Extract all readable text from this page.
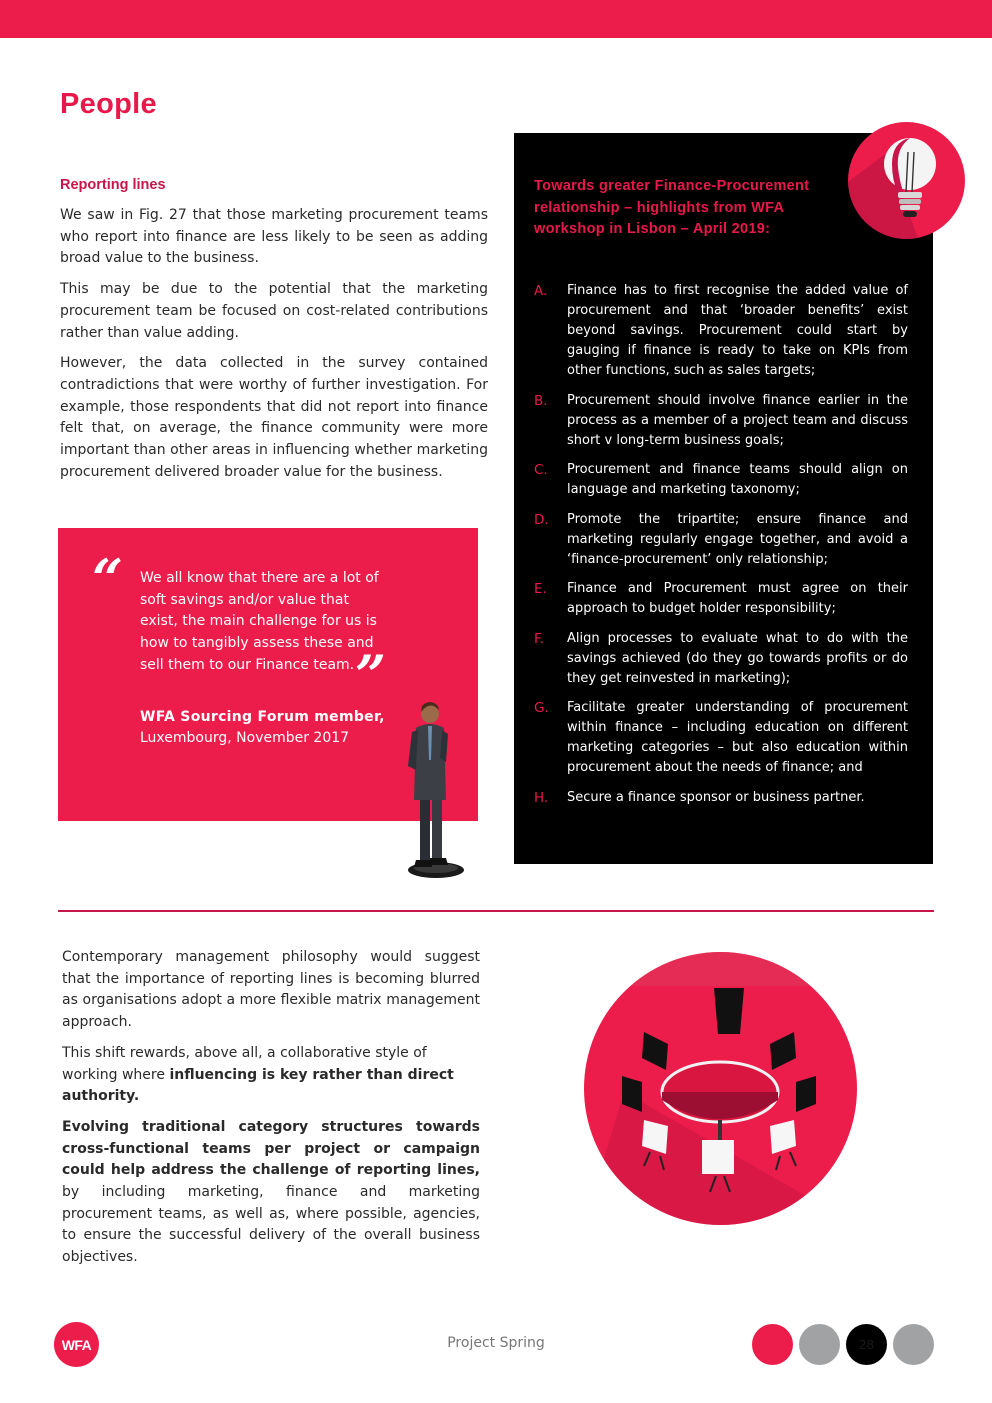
People
Reporting lines

We saw in Fig. 27 that those marketing procurement teams who report into finance are less likely to be seen as adding broad value to the business.

This may be due to the potential that the marketing procurement team be focused on cost-related contributions rather than value adding.

However, the data collected in the survey contained contradictions that were worthy of further investigation. For example, those respondents that did not report into finance felt that, on average, the finance community were more important than other areas in influencing whether marketing procurement delivered broader value for the business.

“ We all know that there are a lot of soft savings and/or value that exist, the main challenge for us is how to tangibly assess these and sell them to our Finance team. ”

WFA Sourcing Forum member,

Luxembourg, November 2017

Towards greater Finance-Procurement relationship – highlights from WFA workshop in Lisbon – April 2019:
A. Finance has to first recognise the added value of procurement and that ‘broader benefits’ exist beyond savings. Procurement could start by gauging if finance is ready to take on KPIs from other functions, such as sales targets;
B. Procurement should involve finance earlier in the process as a member of a project team and discuss short v long-term business goals;
C. Procurement and finance teams should align on language and marketing taxonomy;
D. Promote the tripartite; ensure finance and marketing regularly engage together, and avoid a ‘finance-procurement’ only relationship;
E. Finance and Procurement must agree on their approach to budget holder responsibility;
F. Align processes to evaluate what to do with the savings achieved (do they go towards profits or do they get reinvested in marketing);
G. Facilitate greater understanding of procurement within finance – including education on different marketing categories – but also education within procurement about the needs of finance; and
H. Secure a finance sponsor or business partner.

Contemporary management philosophy would suggest that the importance of reporting lines is becoming blurred as organisations adopt a more flexible matrix management approach.

This shift rewards, above all, a collaborative style of working where influencing is key rather than direct authority.

Evolving traditional category structures towards cross-functional teams per project or campaign could help address the challenge of reporting lines, by including marketing, finance and marketing procurement teams, as well as, where possible, agencies, to ensure the successful delivery of the overall business objectives.

WFA	Project Spring	28
